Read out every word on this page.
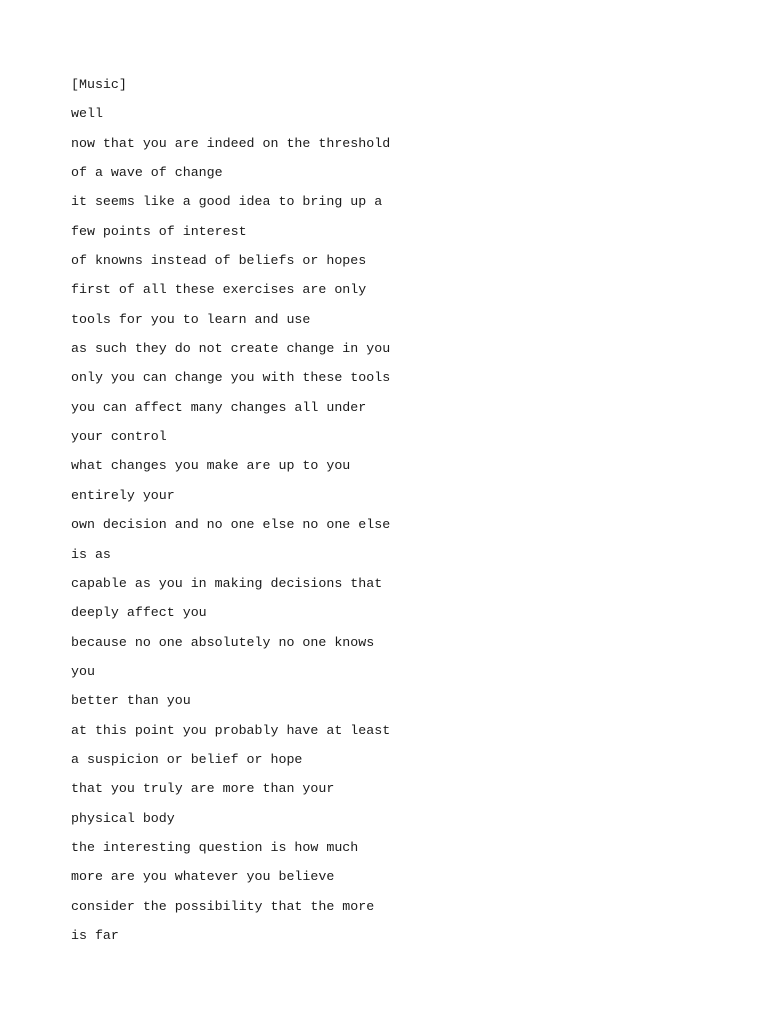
[Music]
well
now that you are indeed on the threshold
of a wave of change
it seems like a good idea to bring up a
few points of interest
of knowns instead of beliefs or hopes
first of all these exercises are only
tools for you to learn and use
as such they do not create change in you
only you can change you with these tools
you can affect many changes all under
your control
what changes you make are up to you
entirely your
own decision and no one else no one else
is as
capable as you in making decisions that
deeply affect you
because no one absolutely no one knows
you
better than you
at this point you probably have at least
a suspicion or belief or hope
that you truly are more than your
physical body
the interesting question is how much
more are you whatever you believe
consider the possibility that the more
is far
